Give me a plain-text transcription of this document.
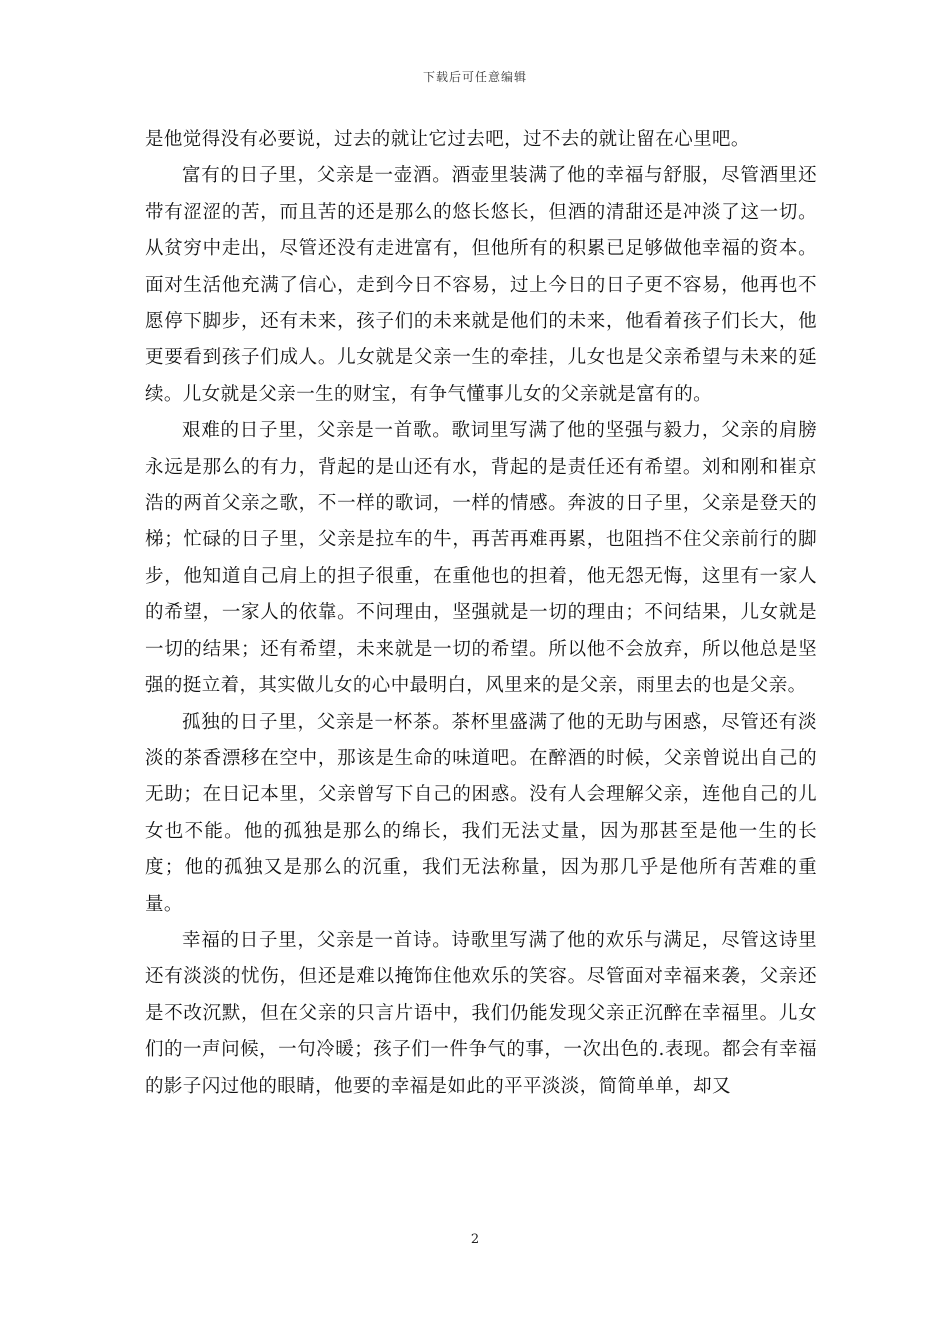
下载后可任意编辑

是他觉得没有必要说，过去的就让它过去吧，过不去的就让留在心里吧。

富有的日子里，父亲是一壶酒。酒壶里装满了他的幸福与舒服，尽管酒里还带有涩涩的苦，而且苦的还是那么的悠长悠长，但酒的清甜还是冲淡了这一切。从贫穷中走出，尽管还没有走进富有，但他所有的积累已足够做他幸福的资本。面对生活他充满了信心，走到今日不容易，过上今日的日子更不容易，他再也不愿停下脚步，还有未来，孩子们的未来就是他们的未来，他看着孩子们长大，他更要看到孩子们成人。儿女就是父亲一生的牵挂，儿女也是父亲希望与未来的延续。儿女就是父亲一生的财宝，有争气懂事儿女的父亲就是富有的。

艰难的日子里，父亲是一首歌。歌词里写满了他的坚强与毅力，父亲的肩膀永远是那么的有力，背起的是山还有水，背起的是责任还有希望。刘和刚和崔京浩的两首父亲之歌，不一样的歌词，一样的情感。奔波的日子里，父亲是登天的梯；忙碌的日子里，父亲是拉车的牛，再苦再难再累，也阻挡不住父亲前行的脚步，他知道自己肩上的担子很重，在重他也的担着，他无怨无悔，这里有一家人的希望，一家人的依靠。不问理由，坚强就是一切的理由；不问结果，儿女就是一切的结果；还有希望，未来就是一切的希望。所以他不会放弃，所以他总是坚强的挺立着，其实做儿女的心中最明白，风里来的是父亲，雨里去的也是父亲。

孤独的日子里，父亲是一杯茶。茶杯里盛满了他的无助与困惑，尽管还有淡淡的茶香漂移在空中，那该是生命的味道吧。在醉酒的时候，父亲曾说出自己的无助；在日记本里，父亲曾写下自己的困惑。没有人会理解父亲，连他自己的儿女也不能。他的孤独是那么的绵长，我们无法丈量，因为那甚至是他一生的长度；他的孤独又是那么的沉重，我们无法称量，因为那几乎是他所有苦难的重量。

幸福的日子里，父亲是一首诗。诗歌里写满了他的欢乐与满足，尽管这诗里还有淡淡的忧伤，但还是难以掩饰住他欢乐的笑容。尽管面对幸福来袭，父亲还是不改沉默，但在父亲的只言片语中，我们仍能发现父亲正沉醉在幸福里。儿女们的一声问候，一句冷暖；孩子们一件争气的事，一次出色的.表现。都会有幸福的影子闪过他的眼睛，他要的幸福是如此的平平淡淡，简简单单，却又

2
